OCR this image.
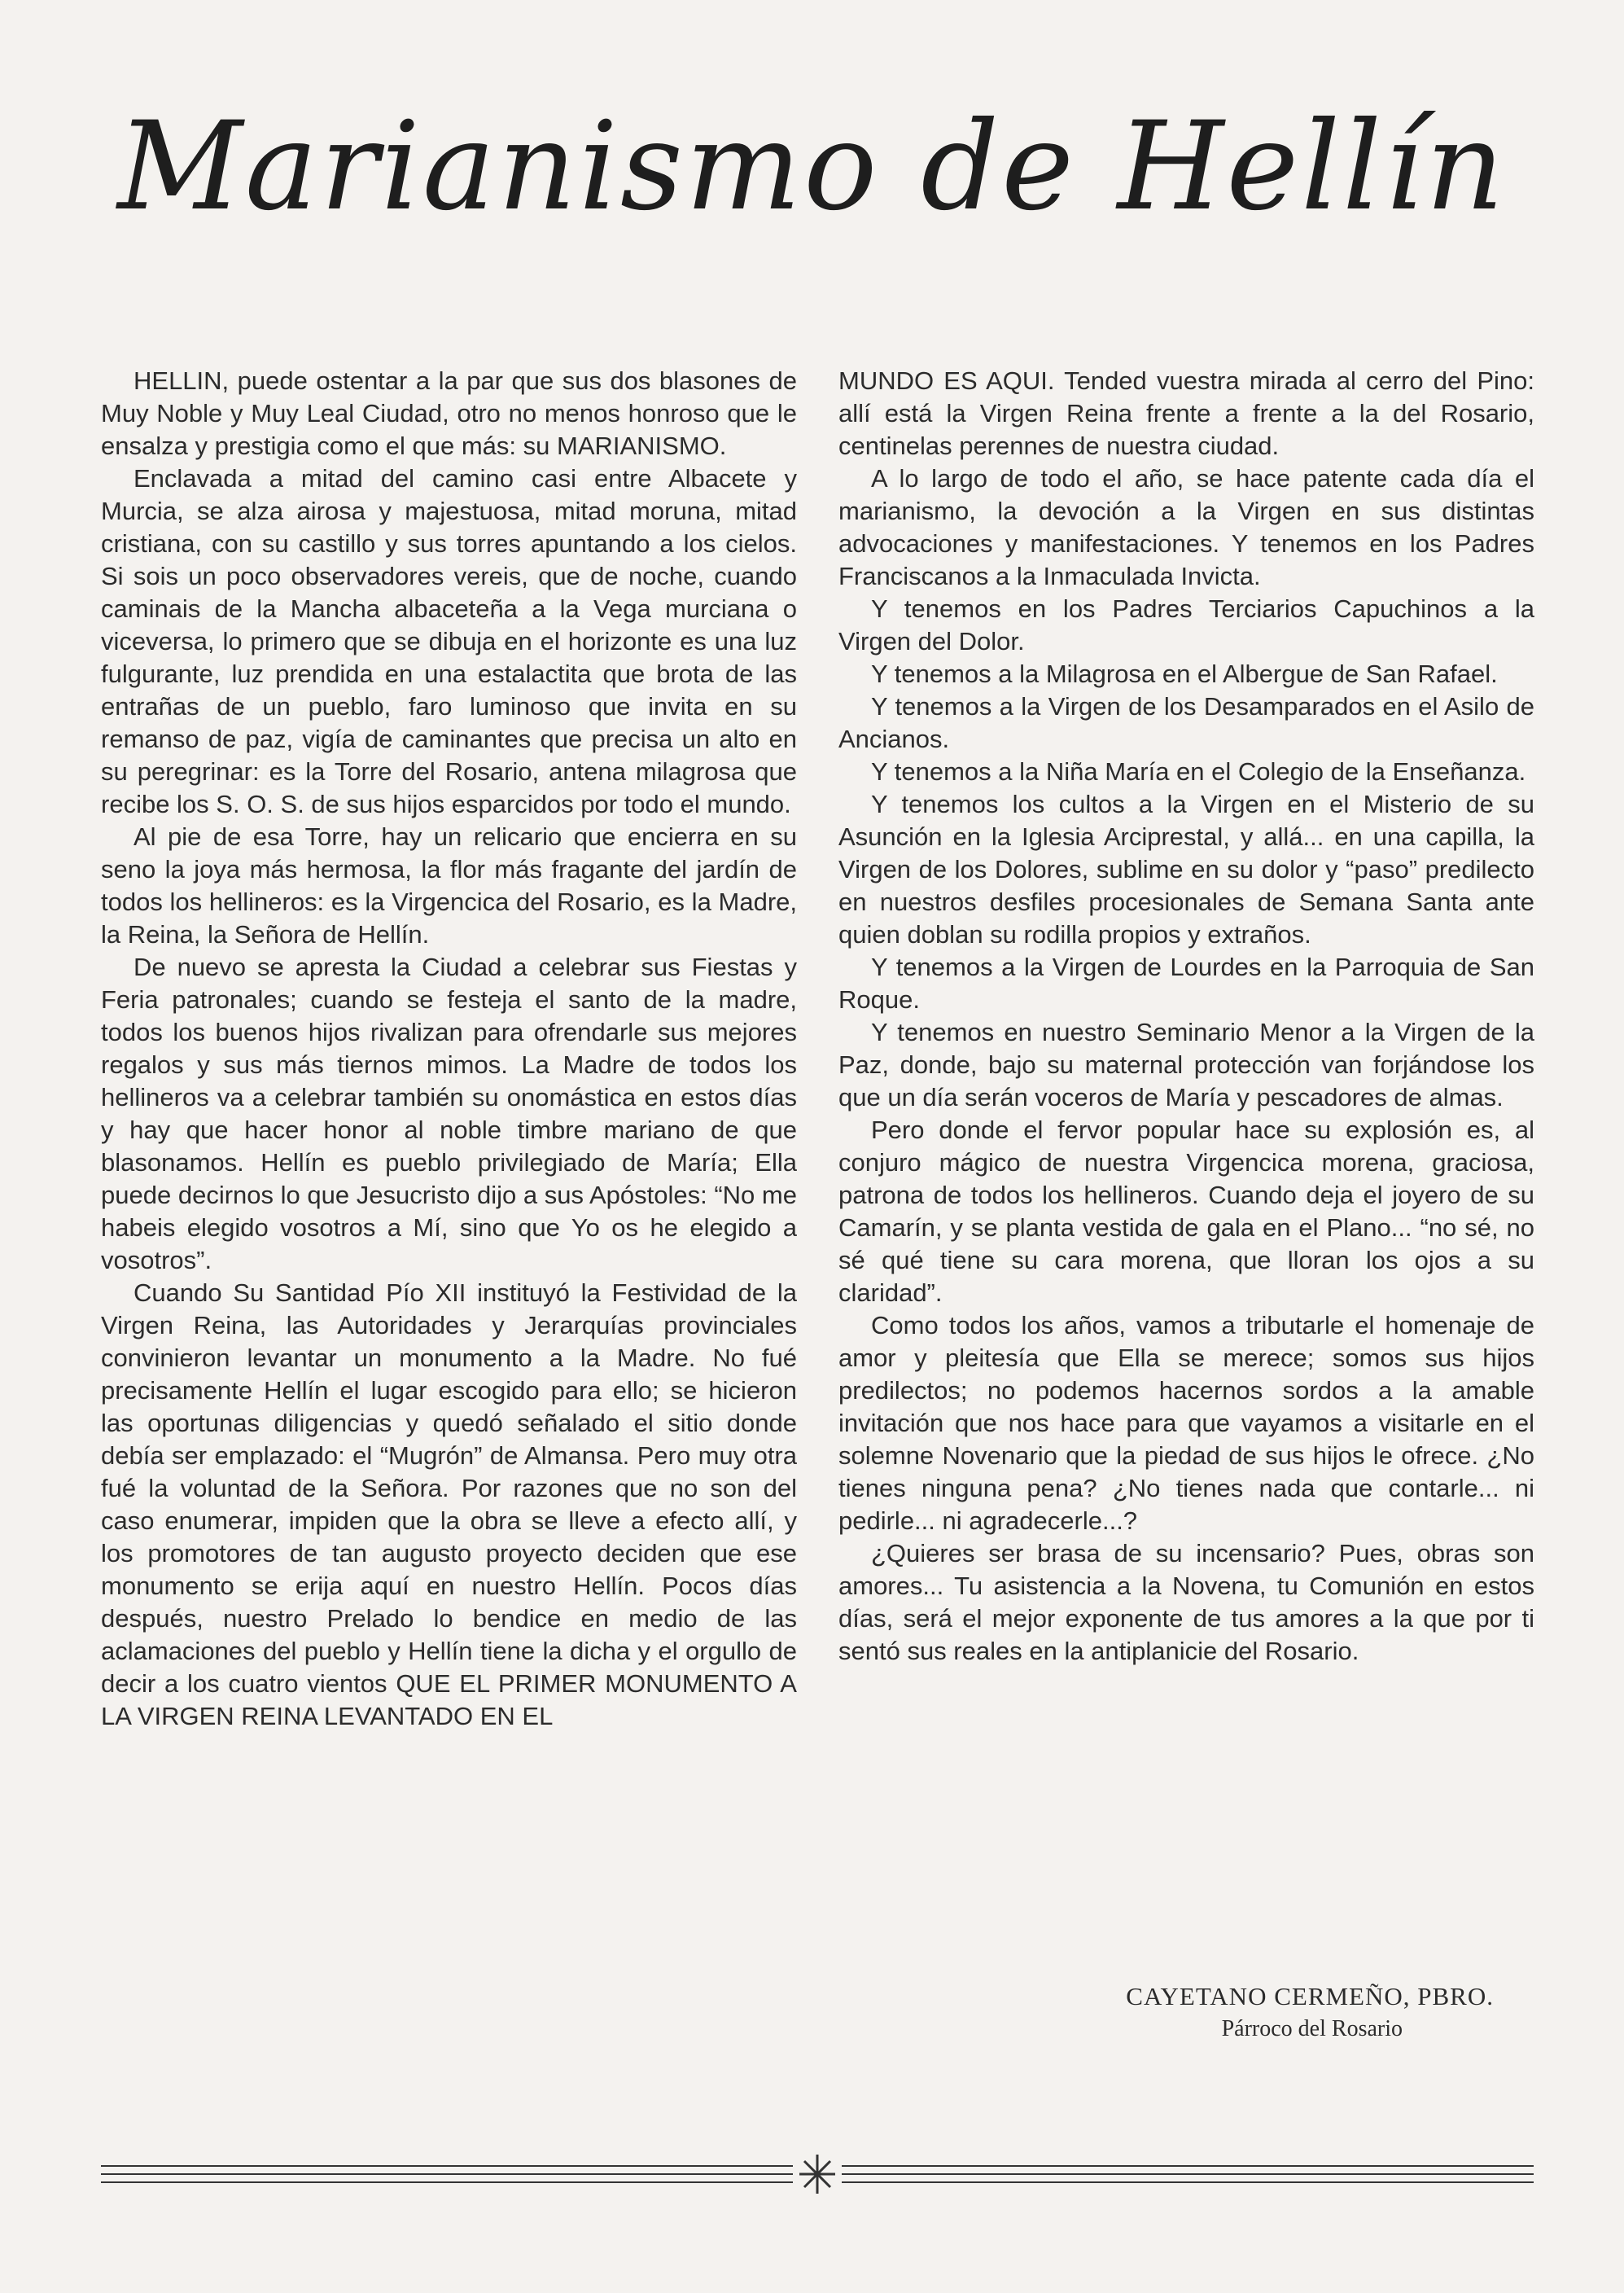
Marianismo de Hellín

HELLIN, puede ostentar a la par que sus dos blasones de Muy Noble y Muy Leal Ciudad, otro no menos honroso que le ensalza y prestigia como el que más: su MARIANISMO.

Enclavada a mitad del camino casi entre Albacete y Murcia, se alza airosa y majestuosa, mitad moruna, mitad cristiana, con su castillo y sus torres apuntando a los cielos. Si sois un poco observadores vereis, que de noche, cuando caminais de la Mancha albaceteña a la Vega murciana o viceversa, lo primero que se dibuja en el horizonte es una luz fulgurante, luz prendida en una estalactita que brota de las entrañas de un pueblo, faro luminoso que invita en su remanso de paz, vigía de caminantes que precisa un alto en su peregrinar: es la Torre del Rosario, antena milagrosa que recibe los S. O. S. de sus hijos esparcidos por todo el mundo.

Al pie de esa Torre, hay un relicario que encierra en su seno la joya más hermosa, la flor más fragante del jardín de todos los hellineros: es la Virgencica del Rosario, es la Madre, la Reina, la Señora de Hellín.

De nuevo se apresta la Ciudad a celebrar sus Fiestas y Feria patronales; cuando se festeja el santo de la madre, todos los buenos hijos rivalizan para ofrendarle sus mejores regalos y sus más tiernos mimos. La Madre de todos los hellineros va a celebrar también su onomástica en estos días y hay que hacer honor al noble timbre mariano de que blasonamos. Hellín es pueblo privilegiado de María; Ella puede decirnos lo que Jesucristo dijo a sus Apóstoles: “No me habeis elegido vosotros a Mí, sino que Yo os he elegido a vosotros”.

Cuando Su Santidad Pío XII instituyó la Festividad de la Virgen Reina, las Autoridades y Jerarquías provinciales convinieron levantar un monumento a la Madre. No fué precisamente Hellín el lugar escogido para ello; se hicieron las oportunas diligencias y quedó señalado el sitio donde debía ser emplazado: el “Mugrón” de Almansa. Pero muy otra fué la voluntad de la Señora. Por razones que no son del caso enumerar, impiden que la obra se lleve a efecto allí, y los promotores de tan augusto proyecto deciden que ese monumento se erija aquí en nuestro Hellín. Pocos días después, nuestro Prelado lo bendice en medio de las aclamaciones del pueblo y Hellín tiene la dicha y el orgullo de decir a los cuatro vientos QUE EL PRIMER MONUMENTO A LA VIRGEN REINA LEVANTADO EN EL

MUNDO ES AQUI. Tended vuestra mirada al cerro del Pino: allí está la Virgen Reina frente a frente a la del Rosario, centinelas perennes de nuestra ciudad.

A lo largo de todo el año, se hace patente cada día el marianismo, la devoción a la Virgen en sus distintas advocaciones y manifestaciones. Y tenemos en los Padres Franciscanos a la Inmaculada Invicta.

Y tenemos en los Padres Terciarios Capuchinos a la Virgen del Dolor.

Y tenemos a la Milagrosa en el Albergue de San Rafael.

Y tenemos a la Virgen de los Desamparados en el Asilo de Ancianos.

Y tenemos a la Niña María en el Colegio de la Enseñanza.

Y tenemos los cultos a la Virgen en el Misterio de su Asunción en la Iglesia Arciprestal, y allá... en una capilla, la Virgen de los Dolores, sublime en su dolor y “paso” predilecto en nuestros desfiles procesionales de Semana Santa ante quien doblan su rodilla propios y extraños.

Y tenemos a la Virgen de Lourdes en la Parroquia de San Roque.

Y tenemos en nuestro Seminario Menor a la Virgen de la Paz, donde, bajo su maternal protección van forjándose los que un día serán voceros de María y pescadores de almas.

Pero donde el fervor popular hace su explosión es, al conjuro mágico de nuestra Virgencica morena, graciosa, patrona de todos los hellineros. Cuando deja el joyero de su Camarín, y se planta vestida de gala en el Plano... “no sé, no sé qué tiene su cara morena, que lloran los ojos a su claridad”.

Como todos los años, vamos a tributarle el homenaje de amor y pleitesía que Ella se merece; somos sus hijos predilectos; no podemos hacernos sordos a la amable invitación que nos hace para que vayamos a visitarle en el solemne Novenario que la piedad de sus hijos le ofrece. ¿No tienes ninguna pena? ¿No tienes nada que contarle... ni pedirle... ni agradecerle...?

¿Quieres ser brasa de su incensario? Pues, obras son amores... Tu asistencia a la Novena, tu Comunión en estos días, será el mejor exponente de tus amores a la que por ti sentó sus reales en la antiplanicie del Rosario.

CAYETANO CERMEÑO, PBRO.
Párroco del Rosario
